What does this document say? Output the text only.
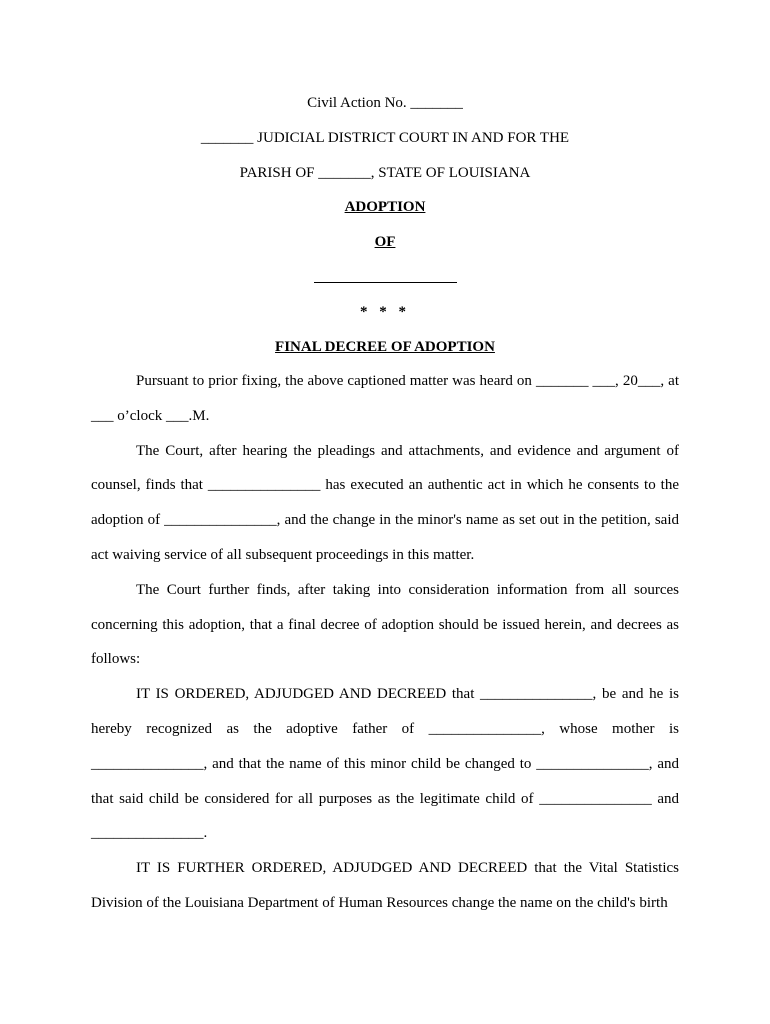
Civil Action No. _______
_______ JUDICIAL DISTRICT COURT IN AND FOR THE
PARISH OF _______, STATE OF LOUISIANA
ADOPTION
OF
* * *
FINAL DECREE OF ADOPTION

Pursuant to prior fixing, the above captioned matter was heard on _______ ___, 20___, at ___ o’clock ___.M.

The Court, after hearing the pleadings and attachments, and evidence and argument of counsel, finds that _______________ has executed an authentic act in which he consents to the adoption of _______________, and the change in the minor's name as set out in the petition, said act waiving service of all subsequent proceedings in this matter.

The Court further finds, after taking into consideration information from all sources concerning this adoption, that a final decree of adoption should be issued herein, and decrees as follows:

IT IS ORDERED, ADJUDGED AND DECREED that _______________, be and he is hereby recognized as the adoptive father of _______________, whose mother is _______________, and that the name of this minor child be changed to _______________, and that said child be considered for all purposes as the legitimate child of _______________ and _______________.

IT IS FURTHER ORDERED, ADJUDGED AND DECREED that the Vital Statistics Division of the Louisiana Department of Human Resources change the name on the child's birth
